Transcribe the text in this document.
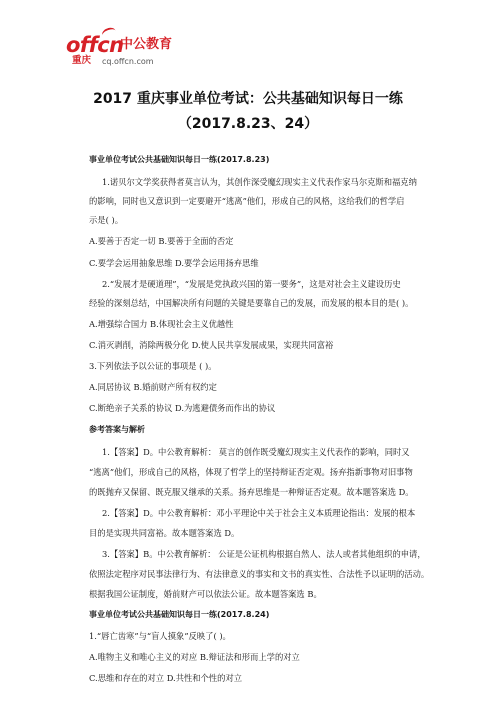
offcn
中公教育
重庆 cq.offcn.com
2017 重庆事业单位考试：公共基础知识每日一练
（2017.8.23、24）
事业单位考试公共基础知识每日一练(2017.8.23)
1.诺贝尔文学奖获得者莫言认为，其创作深受魔幻现实主义代表作家马尔克斯和福克纳
的影响，同时也又意识到一定要避开“逃离”他们，形成自己的风格，这给我们的哲学启
示是( )。
A.要善于否定一切 B.要善于全面的否定
C.要学会运用抽象思维 D.要学会运用扬弃思维
2.“发展才是硬道理”，“发展是党执政兴国的第一要务”，这是对社会主义建设历史
经验的深刻总结，中国解决所有问题的关键是要靠自己的发展，而发展的根本目的是( )。
A.增强综合国力 B.体现社会主义优越性
C.消灭剥削，消除两极分化 D.使人民共享发展成果，实现共同富裕
3.下列依法予以公证的事项是 ( )。
A.同居协议 B.婚前财产所有权约定
C.断绝亲子关系的协议 D.为逃避债务而作出的协议
参考答案与解析
1.【答案】D。中公教育解析： 莫言的创作既受魔幻现实主义代表作的影响，同时又
“逃离”他们，形成自己的风格，体现了哲学上的坚持辩证否定观。扬弃指新事物对旧事物
的既抛弃又保留、既克服又继承的关系。扬弃思维是一种辩证否定观。故本题答案选 D。
2.【答案】D。中公教育解析：邓小平理论中关于社会主义本质理论指出：发展的根本
目的是实现共同富裕。故本题答案选 D。
3.【答案】B。中公教育解析： 公证是公证机构根据自然人、法人或者其他组织的申请，
依照法定程序对民事法律行为、有法律意义的事实和文书的真实性、合法性予以证明的活动。
根据我国公证制度，婚前财产可以依法公证。故本题答案选 B。
事业单位考试公共基础知识每日一练(2017.8.24)
1.“唇亡齿寒”与“盲人摸象”反映了( )。
A.唯物主义和唯心主义的对应 B.辩证法和形而上学的对立
C.思维和存在的对立 D.共性和个性的对立
